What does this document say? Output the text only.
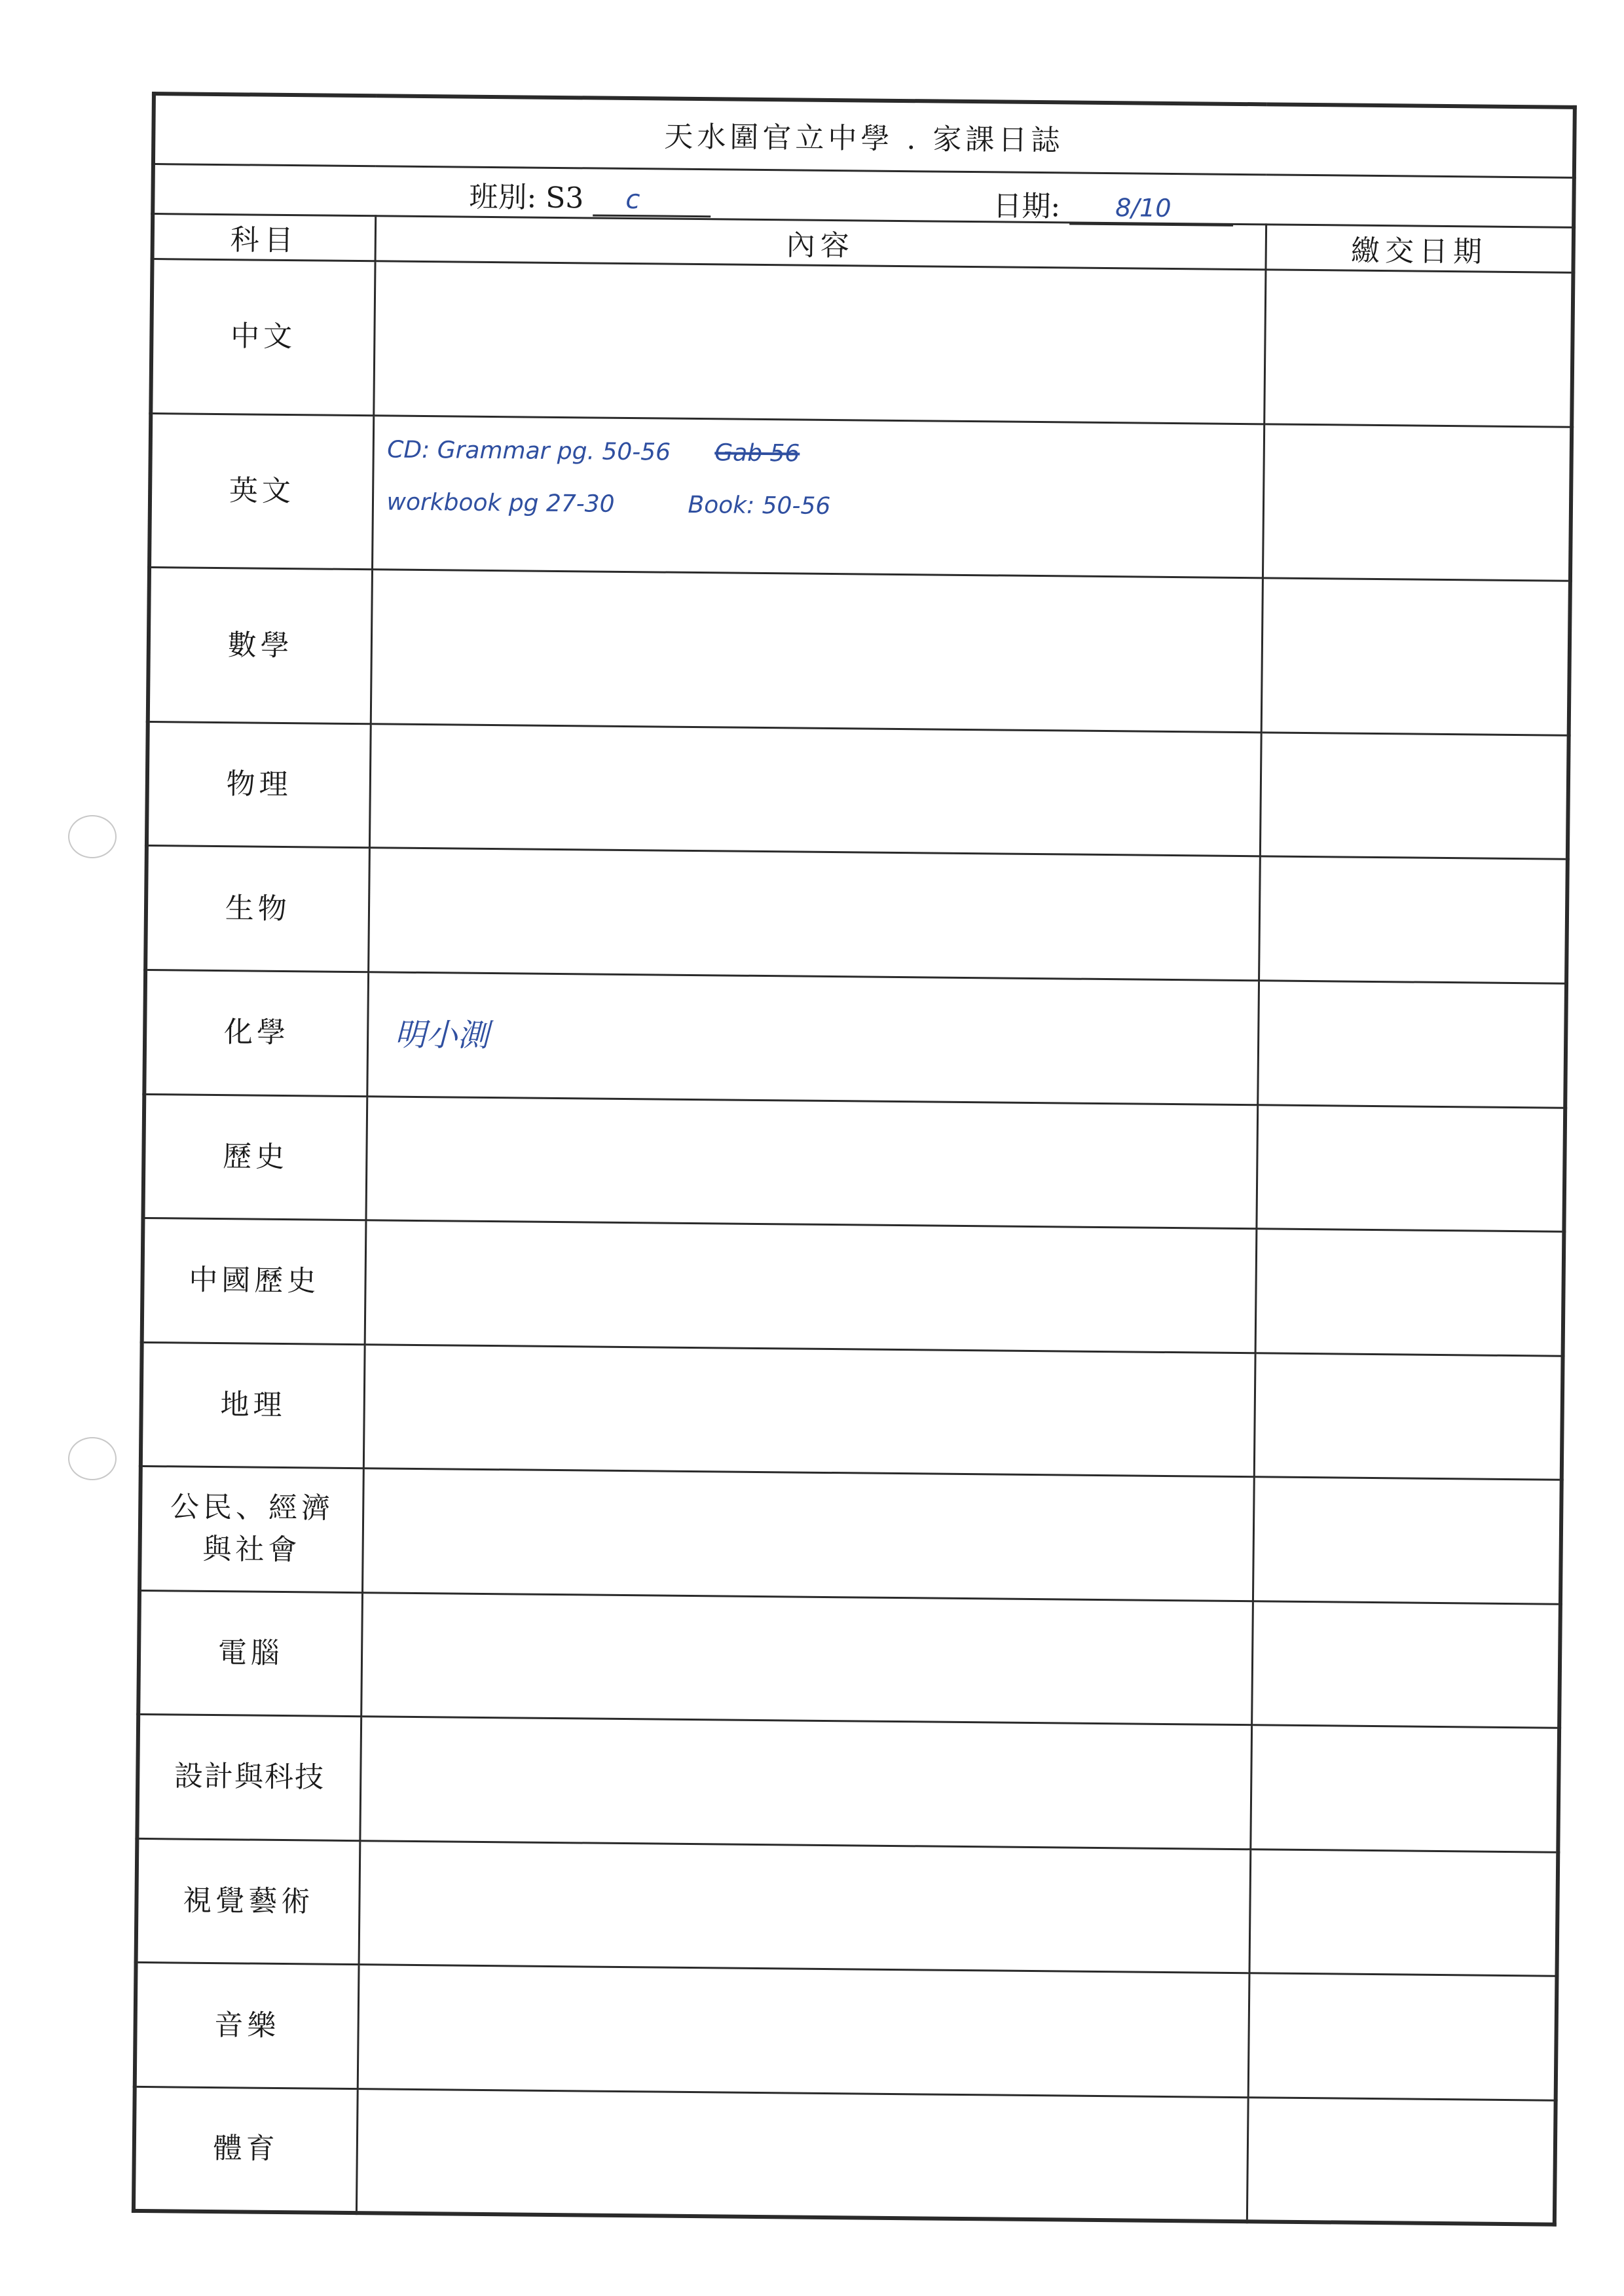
天水圍官立中學 . 家課日誌		

班別: S3 c 日期: 8/10		

科目	內容	繳交日期
中文		
英文	CD: Grammar pg. 50-56 Gab 56
workbook pg 27-30 Book: 50-56	

數學		
物理		
生物		
化學	明小測	

歷史		
中國歷史		
地理		
公民、經濟與社會		
電腦		
設計與科技		
視覺藝術		
音樂		
體育		
